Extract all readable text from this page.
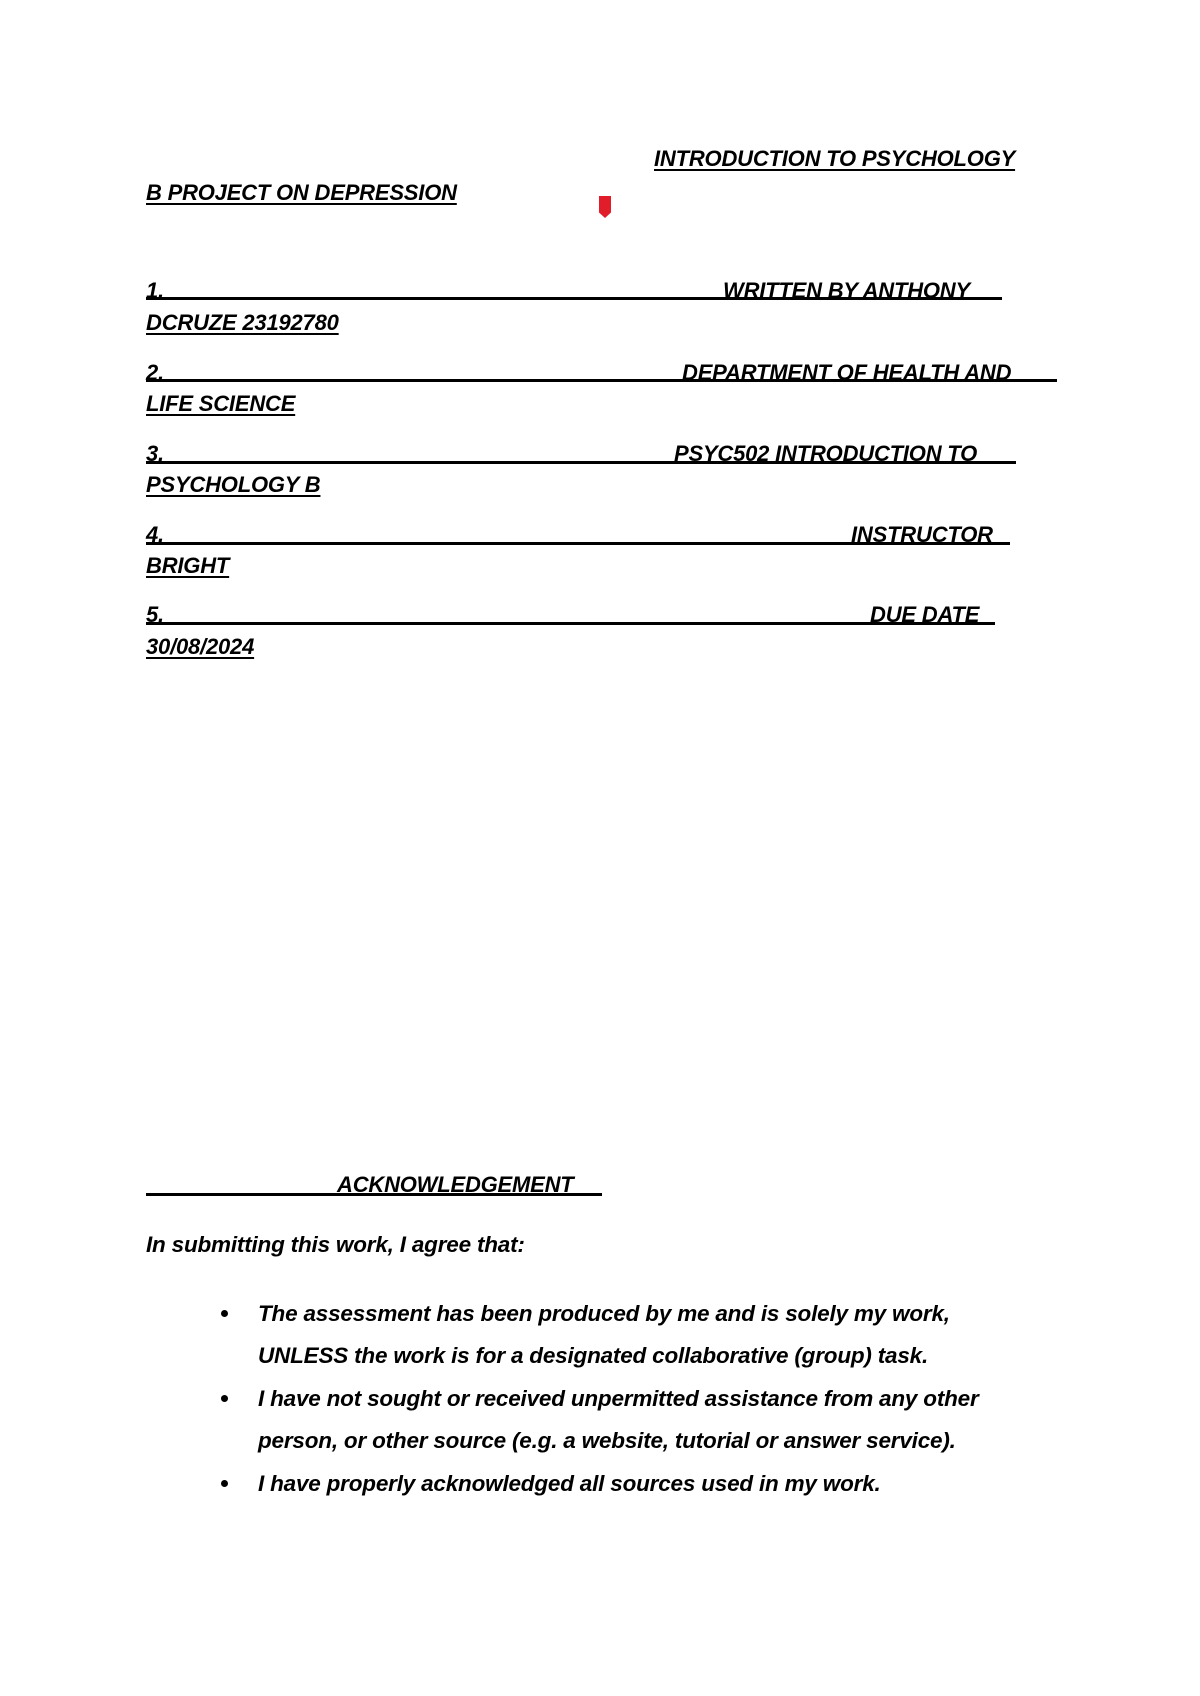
INTRODUCTION TO PSYCHOLOGY
B PROJECT ON DEPRESSION
1.	WRITTEN BY ANTHONY
DCRUZE 23192780
2.	DEPARTMENT OF HEALTH AND
LIFE SCIENCE
3.	PSYC502 INTRODUCTION TO
PSYCHOLOGY B
4.	INSTRUCTOR
BRIGHT
5.	DUE DATE
30/08/2024
ACKNOWLEDGEMENT
In submitting this work, I agree that:
The assessment has been produced by me and is solely my work,
UNLESS the work is for a designated collaborative (group) task.
I have not sought or received unpermitted assistance from any other
person, or other source (e.g. a website, tutorial or answer service).
I have properly acknowledged all sources used in my work.
